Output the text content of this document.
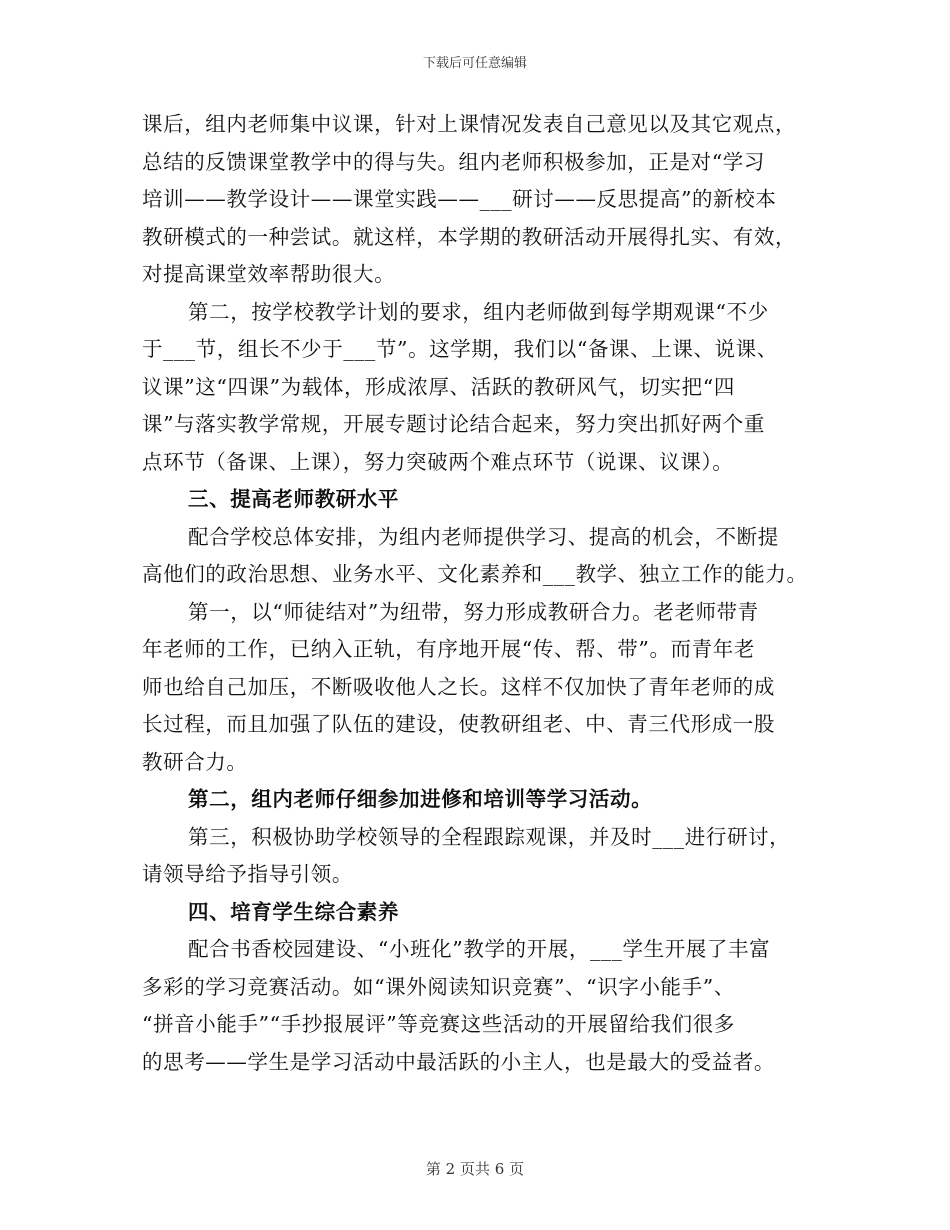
下载后可任意编辑
课后，组内老师集中议课，针对上课情况发表自己意见以及其它观点，
总结的反馈课堂教学中的得与失。组内老师积极参加，正是对“学习
培训——教学设计——课堂实践——___研讨——反思提高”的新校本
教研模式的一种尝试。就这样，本学期的教研活动开展得扎实、有效，
对提高课堂效率帮助很大。
第二，按学校教学计划的要求，组内老师做到每学期观课“不少
于___节，组长不少于___节”。这学期，我们以“备课、上课、说课、
议课”这“四课”为载体，形成浓厚、活跃的教研风气，切实把“四
课”与落实教学常规，开展专题讨论结合起来，努力突出抓好两个重
点环节（备课、上课），努力突破两个难点环节（说课、议课）。
三、提高老师教研水平
配合学校总体安排，为组内老师提供学习、提高的机会，不断提
高他们的政治思想、业务水平、文化素养和___教学、独立工作的能力。
第一，以“师徒结对”为纽带，努力形成教研合力。老老师带青
年老师的工作，已纳入正轨，有序地开展“传、帮、带”。而青年老
师也给自己加压，不断吸收他人之长。这样不仅加快了青年老师的成
长过程，而且加强了队伍的建设，使教研组老、中、青三代形成一股
教研合力。
第二，组内老师仔细参加进修和培训等学习活动。
第三，积极协助学校领导的全程跟踪观课，并及时___进行研讨，
请领导给予指导引领。
四、培育学生综合素养
配合书香校园建设、“小班化”教学的开展，___学生开展了丰富
多彩的学习竞赛活动。如“课外阅读知识竞赛”、“识字小能手”、
“拼音小能手”“手抄报展评”等竞赛这些活动的开展留给我们很多
的思考——学生是学习活动中最活跃的小主人，也是最大的受益者。
第 2 页共 6 页
